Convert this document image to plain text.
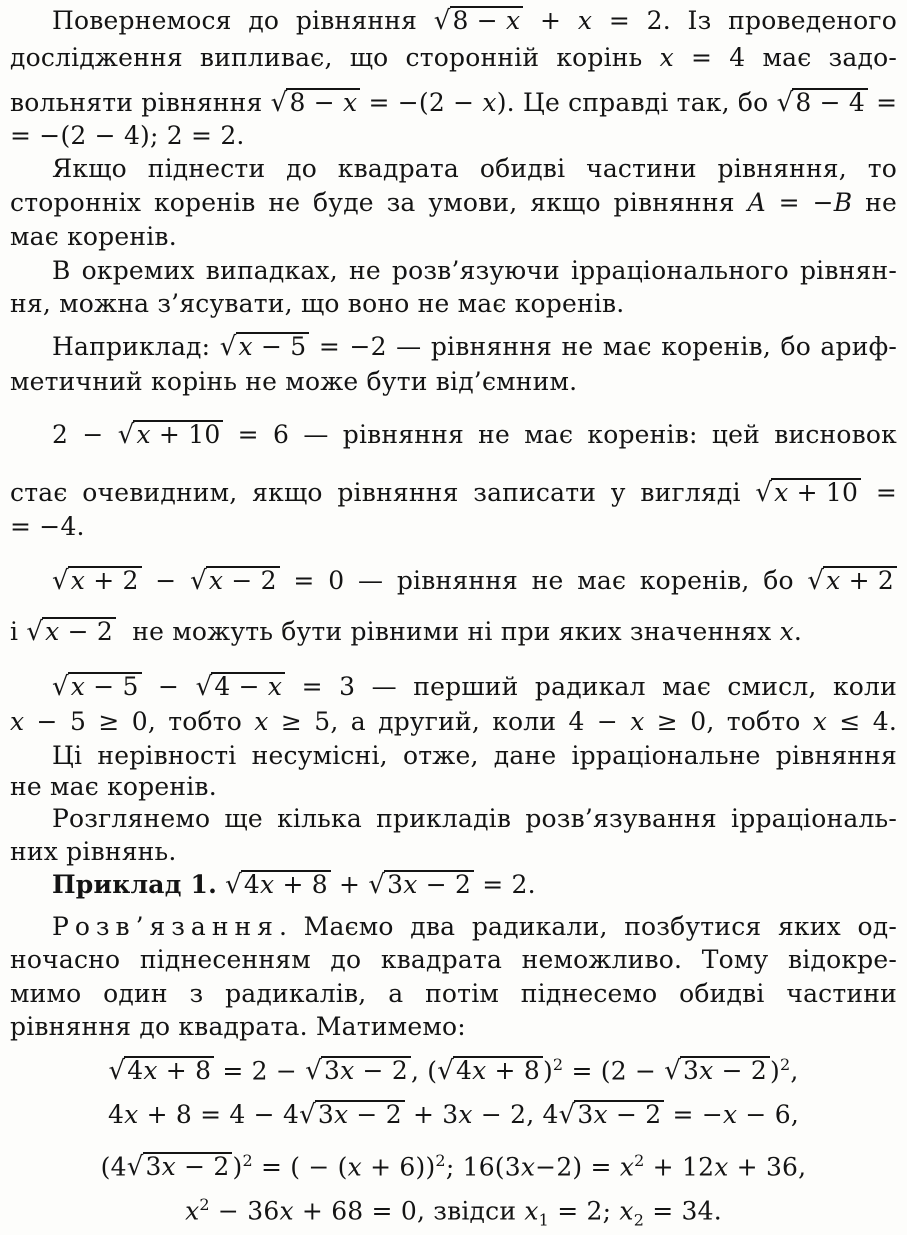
Повернемося до рівняння √8 − x + x = 2. Із проведеного
дослідження випливає, що сторонній корінь x = 4 має задо-
вольняти рівняння √8 − x = −(2 − x). Це справді так, бо √8 − 4 =
= −(2 − 4); 2 = 2.
Якщо піднести до квадрата обидві частини рівняння, то
сторонніх коренів не буде за умови, якщо рівняння A = −B не
має коренів.
В окремих випадках, не розв’язуючи ірраціонального рівнян-
ня, можна з’ясувати, що воно не має коренів.
Наприклад: √x − 5 = −2 — рівняння не має коренів, бо ариф-
метичний корінь не може бути від’ємним.
2 − √x + 10 = 6 — рівняння не має коренів: цей висновок
стає очевидним, якщо рівняння записати у вигляді √x + 10 =
= −4.
√x + 2 − √x − 2 = 0 — рівняння не має коренів, бо √x + 2
і √x − 2  не можуть бути рівними ні при яких значеннях x.
√x − 5 − √4 − x = 3 — перший радикал має смисл, коли
x − 5 ≥ 0, тобто x ≥ 5, а другий, коли 4 − x ≥ 0, тобто x ≤ 4.
Ці нерівності несумісні, отже, дане ірраціональне рівняння
не має коренів.
Розглянемо ще кілька прикладів розв’язування ірраціональ-
них рівнянь.
Приклад 1. √4x + 8 + √3x − 2 = 2.
Розв’язання. Маємо два радикали, позбутися яких од-
ночасно піднесенням до квадрата неможливо. Тому відокре-
мимо один з радикалів, а потім піднесемо обидві частини
рівняння до квадрата. Матимемо:
√4x + 8 = 2 − √3x − 2 , (√4x + 8 )$^2$ = (2 − √3x − 2 )$^2$,
4x + 8 = 4 − 4√3x − 2 + 3x − 2, 4√3x − 2 = −x − 6,
(4√3x − 2 )$^2$ = ( − (x + 6))$^2$; $16(3x-2) = x^2 + 12x + 36$,
$x^2 - 36x + 68 = 0$, звідси $x_1 = 2$; $x_2 = 34$.
